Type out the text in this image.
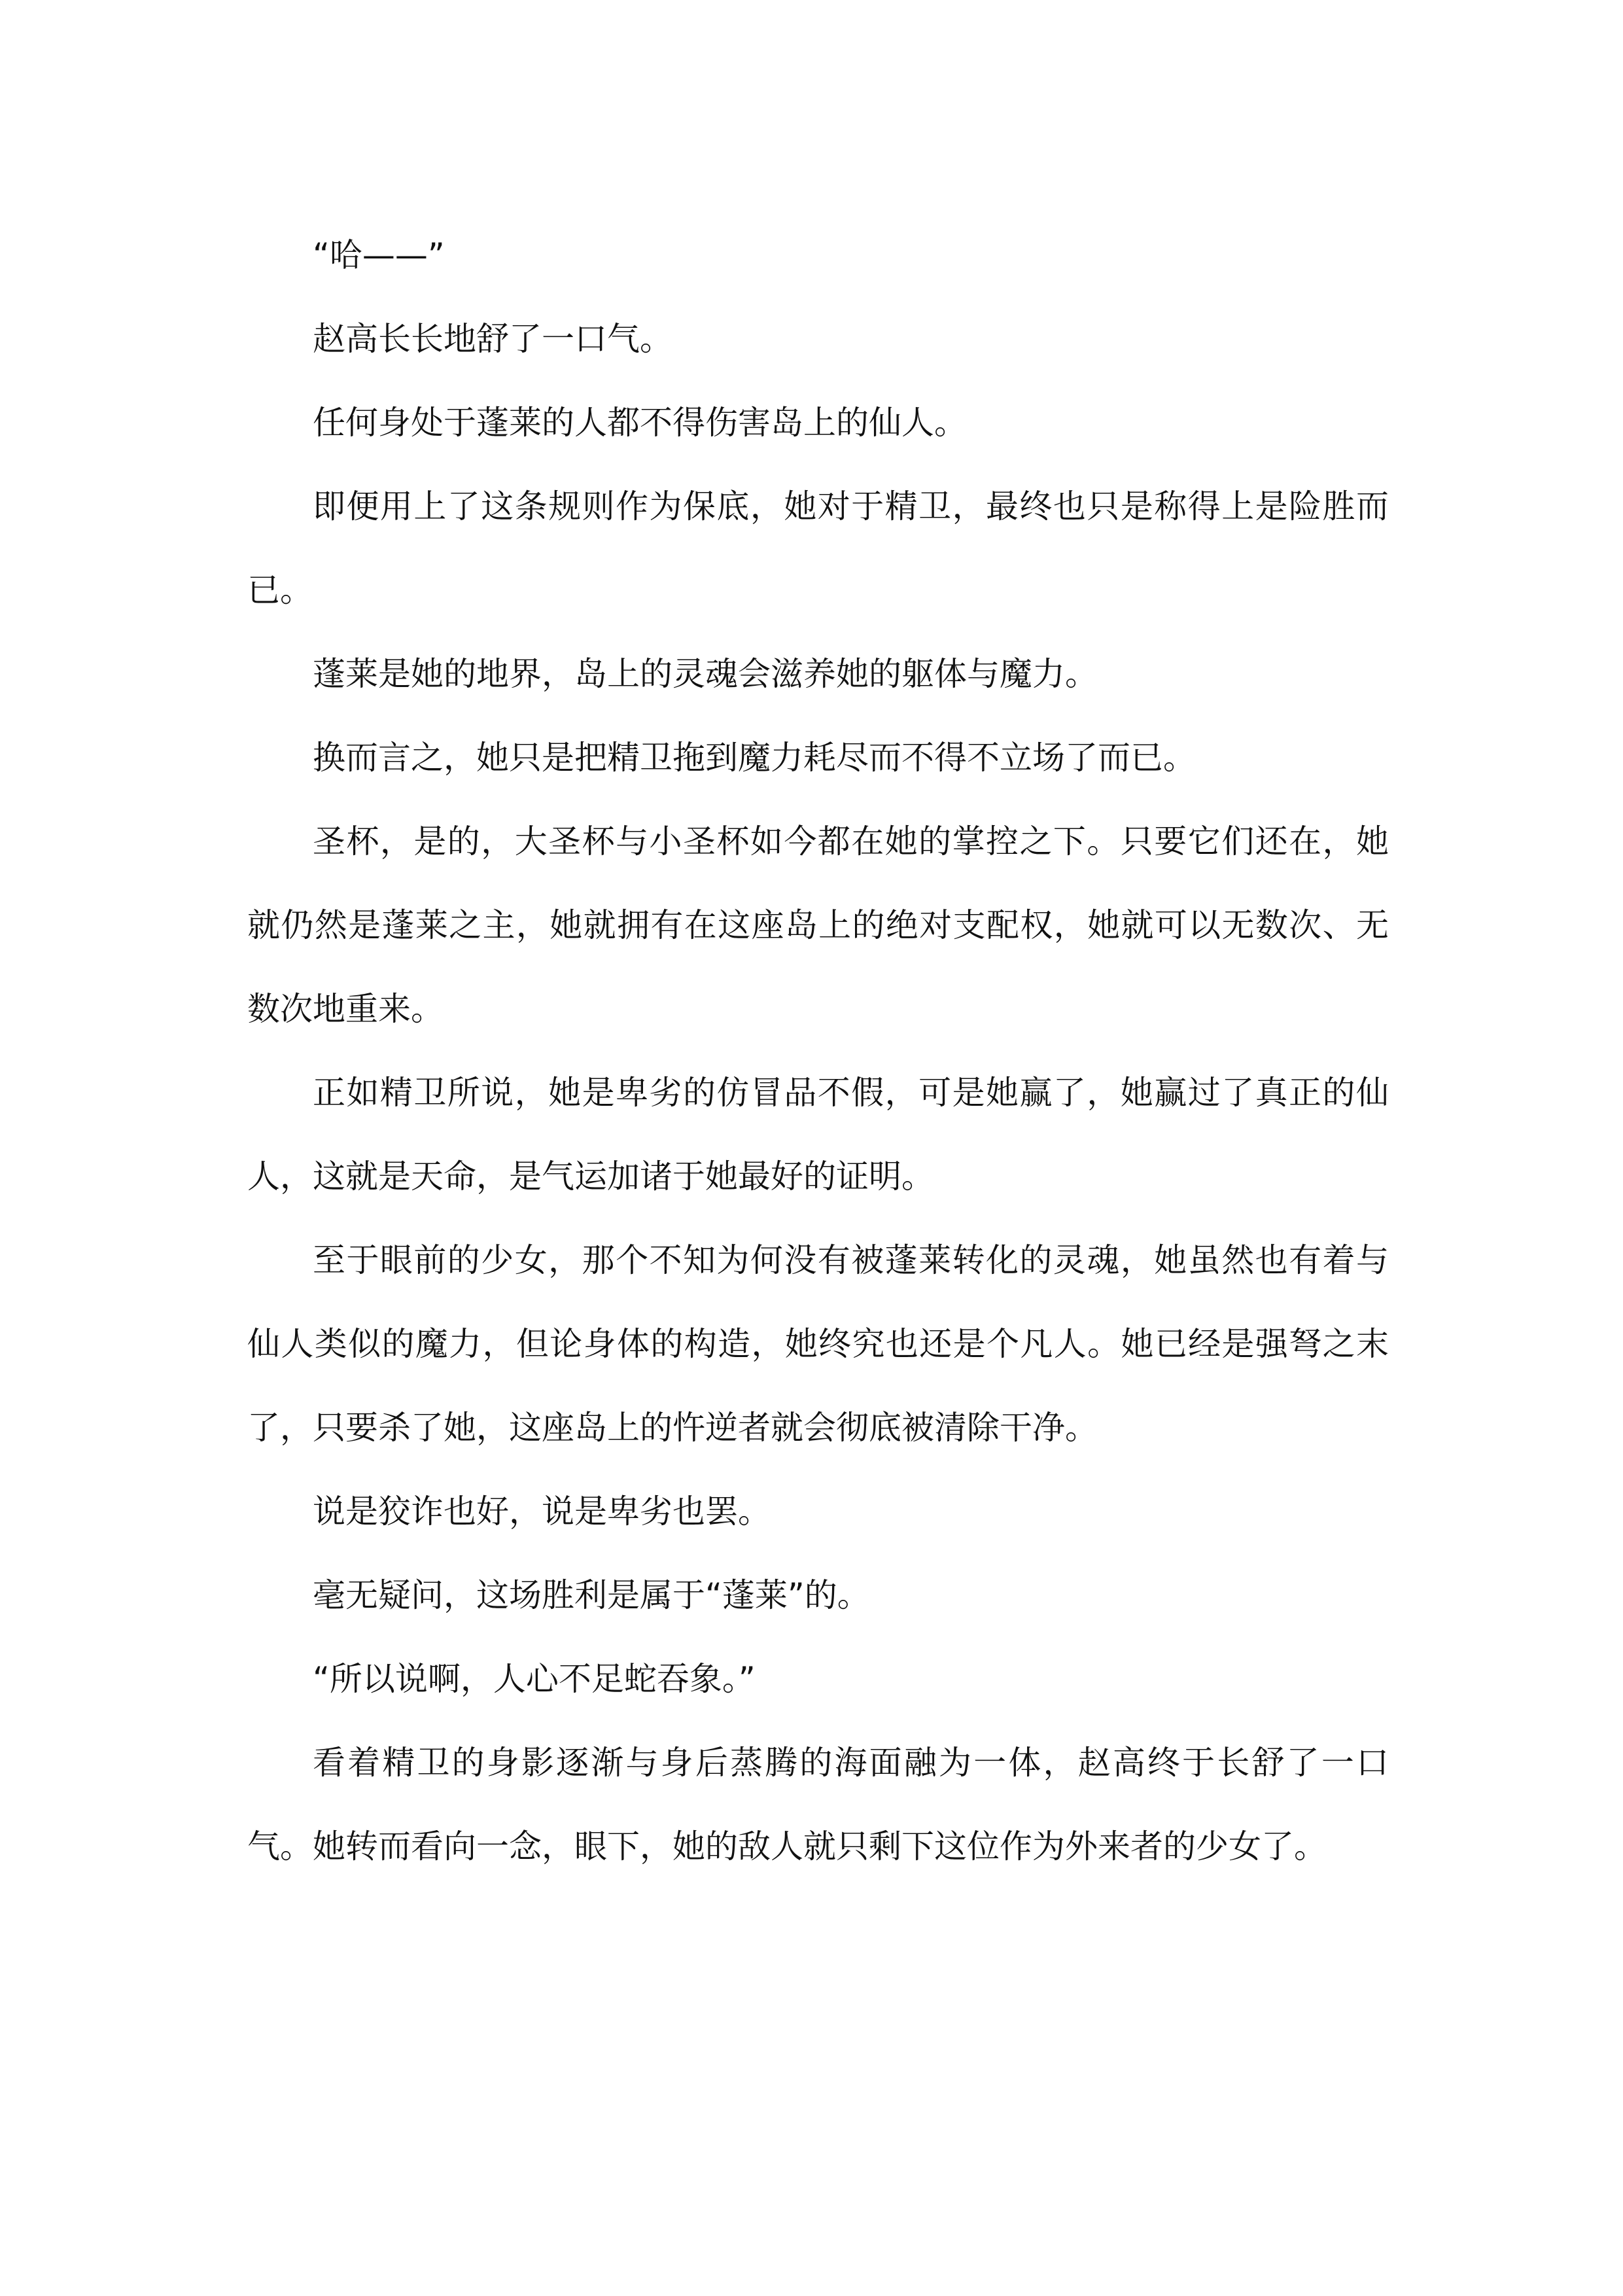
“哈——”

赵高长长地舒了一口气。

任何身处于蓬莱的人都不得伤害岛上的仙人。

即便用上了这条规则作为保底，她对于精卫，最终也只是称得上是险胜而已。

蓬莱是她的地界，岛上的灵魂会滋养她的躯体与魔力。

换而言之，她只是把精卫拖到魔力耗尽而不得不立场了而已。

圣杯，是的，大圣杯与小圣杯如今都在她的掌控之下。只要它们还在，她就仍然是蓬莱之主，她就拥有在这座岛上的绝对支配权，她就可以无数次、无数次地重来。

正如精卫所说，她是卑劣的仿冒品不假，可是她赢了，她赢过了真正的仙人，这就是天命，是气运加诸于她最好的证明。

至于眼前的少女，那个不知为何没有被蓬莱转化的灵魂，她虽然也有着与仙人类似的魔力，但论身体的构造，她终究也还是个凡人。她已经是强弩之末了，只要杀了她，这座岛上的忤逆者就会彻底被清除干净。

说是狡诈也好，说是卑劣也罢。

毫无疑问，这场胜利是属于“蓬莱”的。

“所以说啊，人心不足蛇吞象。”

看着精卫的身影逐渐与身后蒸腾的海面融为一体，赵高终于长舒了一口气。她转而看向一念，眼下，她的敌人就只剩下这位作为外来者的少女了。
